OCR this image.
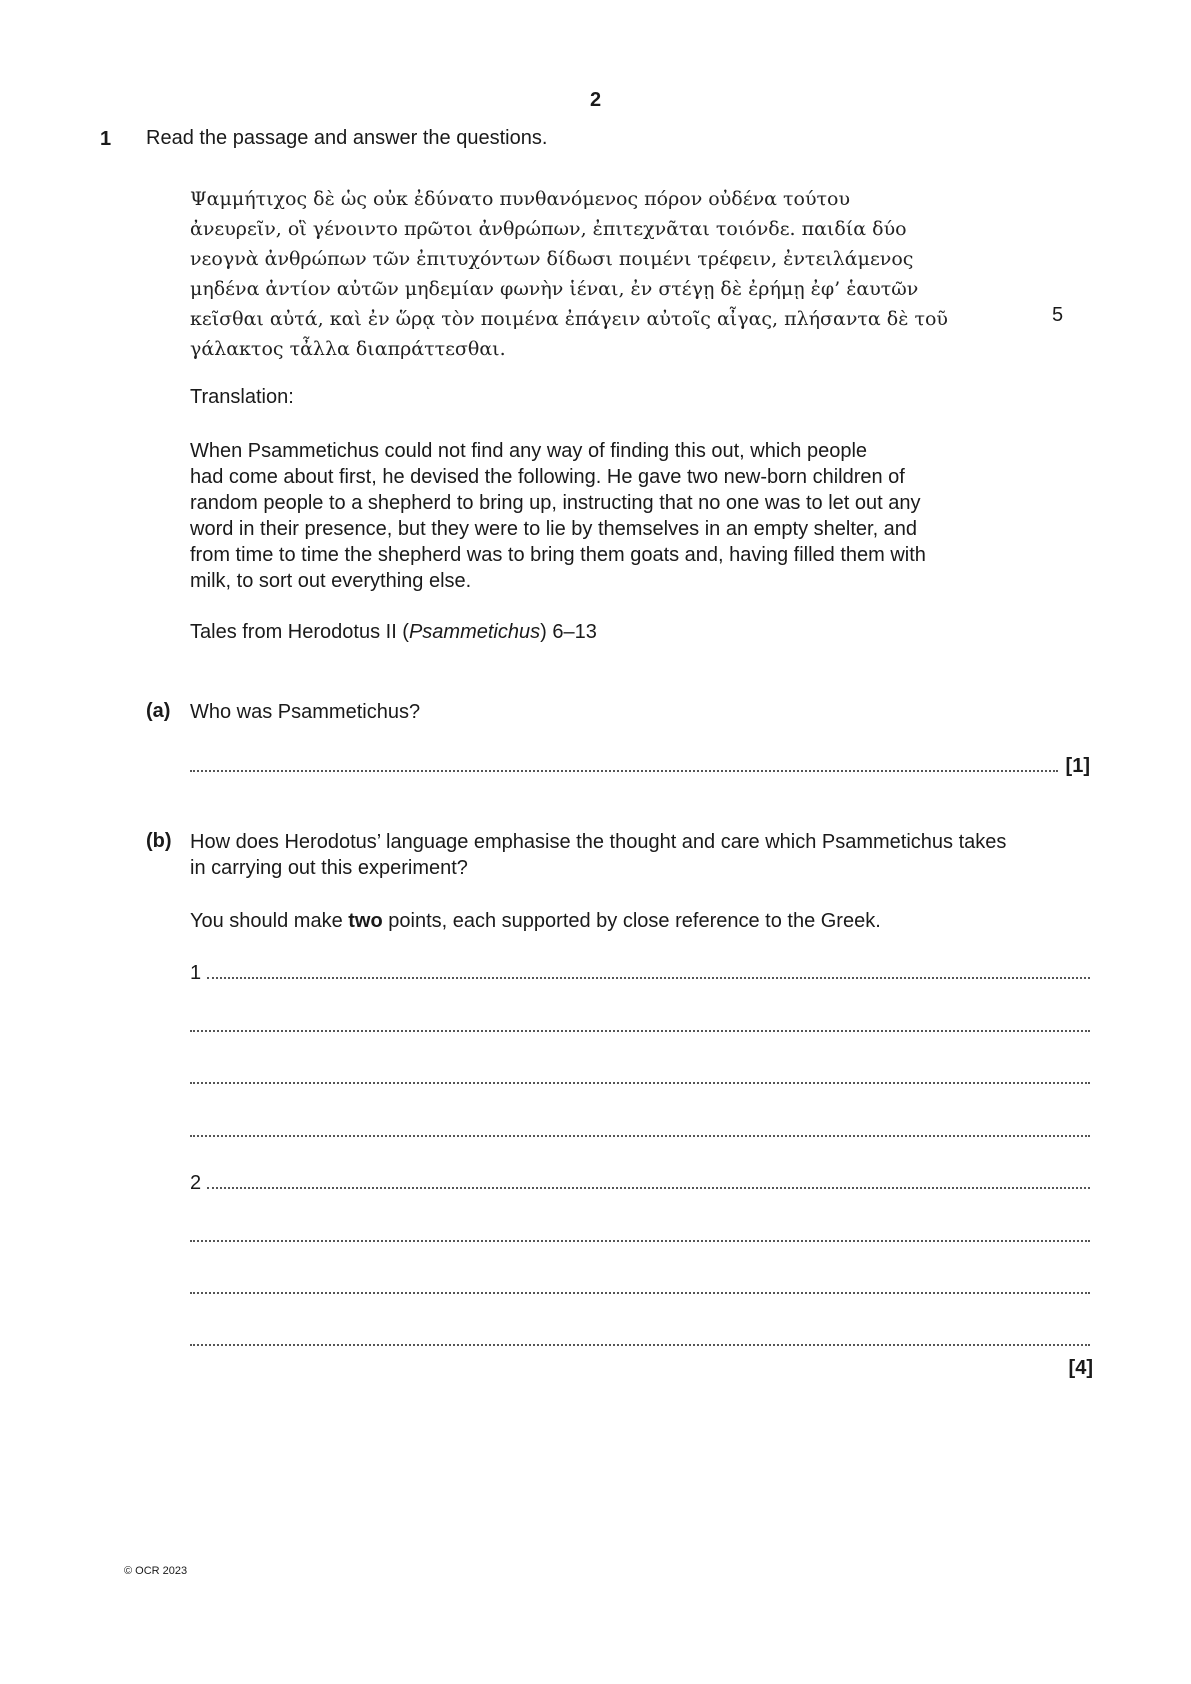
2
1 Read the passage and answer the questions.
Ψαμμήτιχος δὲ ὡς οὐκ ἐδύνατο πυνθανόμενος πόρον οὐδένα τούτου
ἀνευρεῖν, οἳ γένοιντο πρῶτοι ἀνθρώπων, ἐπιτεχνᾶται τοιόνδε. παιδία δύο
νεογνὰ ἀνθρώπων τῶν ἐπιτυχόντων δίδωσι ποιμένι τρέφειν, ἐντειλάμενος
μηδένα ἀντίον αὐτῶν μηδεμίαν φωνὴν ἱέναι, ἐν στέγῃ δὲ ἐρήμῃ ἐφ’ ἑαυτῶν
κεῖσθαι αὐτά, καὶ ἐν ὥρᾳ τὸν ποιμένα ἐπάγειν αὐτοῖς αἶγας, πλήσαντα δὲ τοῦ
γάλακτος τἆλλα διαπράττεσθαι.
5
Translation:
When Psammetichus could not find any way of finding this out, which people
had come about first, he devised the following. He gave two new-born children of
random people to a shepherd to bring up, instructing that no one was to let out any
word in their presence, but they were to lie by themselves in an empty shelter, and
from time to time the shepherd was to bring them goats and, having filled them with
milk, to sort out everything else.
Tales from Herodotus II (Psammetichus) 6–13
(a) Who was Psammetichus?
[1]
(b) How does Herodotus’ language emphasise the thought and care which Psammetichus takes
in carrying out this experiment?
You should make two points, each supported by close reference to the Greek.
1
2
[4]
© OCR 2023
